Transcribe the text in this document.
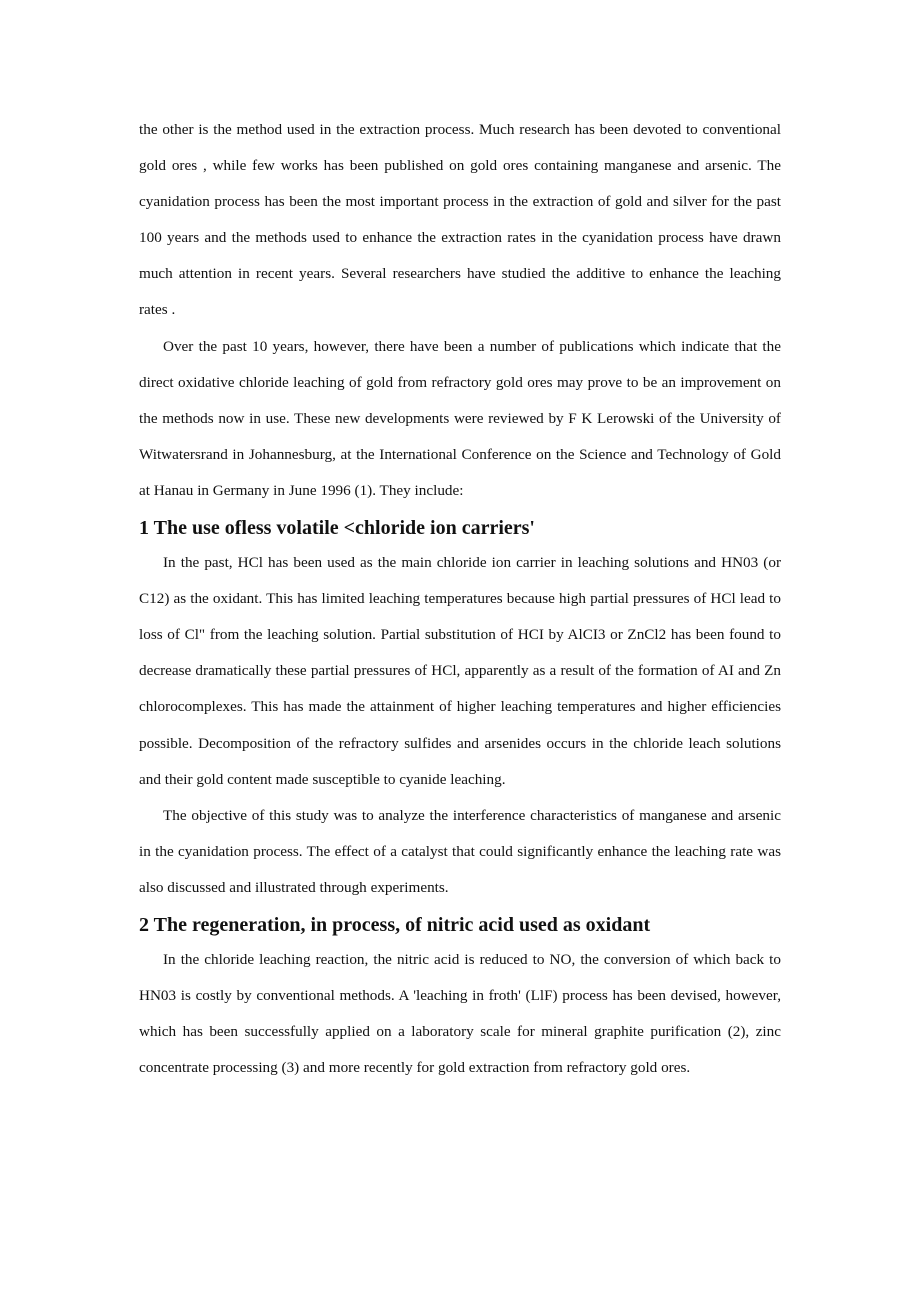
the other is the method used in the extraction process. Much research has been devoted to conventional gold ores , while few works has been published on gold ores containing manganese and arsenic. The cyanidation process has been the most important process in the extraction of gold and silver for the past 100 years and the methods used to enhance the extraction rates in the cyanidation process have drawn much attention in recent years. Several researchers have studied the additive to enhance the leaching rates .

Over the past 10 years, however, there have been a number of publications which indicate that the direct oxidative chloride leaching of gold from refractory gold ores may prove to be an improvement on the methods now in use. These new developments were reviewed by F K Lerowski of the University of Witwatersrand in Johannesburg, at the International Conference on the Science and Technology of Gold at Hanau in Germany in June 1996 (1). They include:

1 The use ofless volatile <chloride ion carriers'

In the past, HCl has been used as the main chloride ion carrier in leaching solutions and HN03 (or C12) as the oxidant. This has limited leaching temperatures because high partial pressures of HCl lead to loss of Cl" from the leaching solution. Partial substitution of HCI by AlCI3 or ZnCl2 has been found to decrease dramatically these partial pressures of HCl, apparently as a result of the formation of AI and Zn chlorocomplexes. This has made the attainment of higher leaching temperatures and higher efficiencies possible. Decomposition of the refractory sulfides and arsenides occurs in the chloride leach solutions and their gold content made susceptible to cyanide leaching.

The objective of this study was to analyze the interference characteristics of manganese and arsenic in the cyanidation process. The effect of a catalyst that could significantly enhance the leaching rate was also discussed and illustrated through experiments.

2 The regeneration, in process, of nitric acid used as oxidant

In the chloride leaching reaction, the nitric acid is reduced to NO, the conversion of which back to HN03 is costly by conventional methods. A 'leaching in froth' (LlF) process has been devised, however, which has been successfully applied on a laboratory scale for mineral graphite purification (2), zinc concentrate processing (3) and more recently for gold extraction from refractory gold ores.
